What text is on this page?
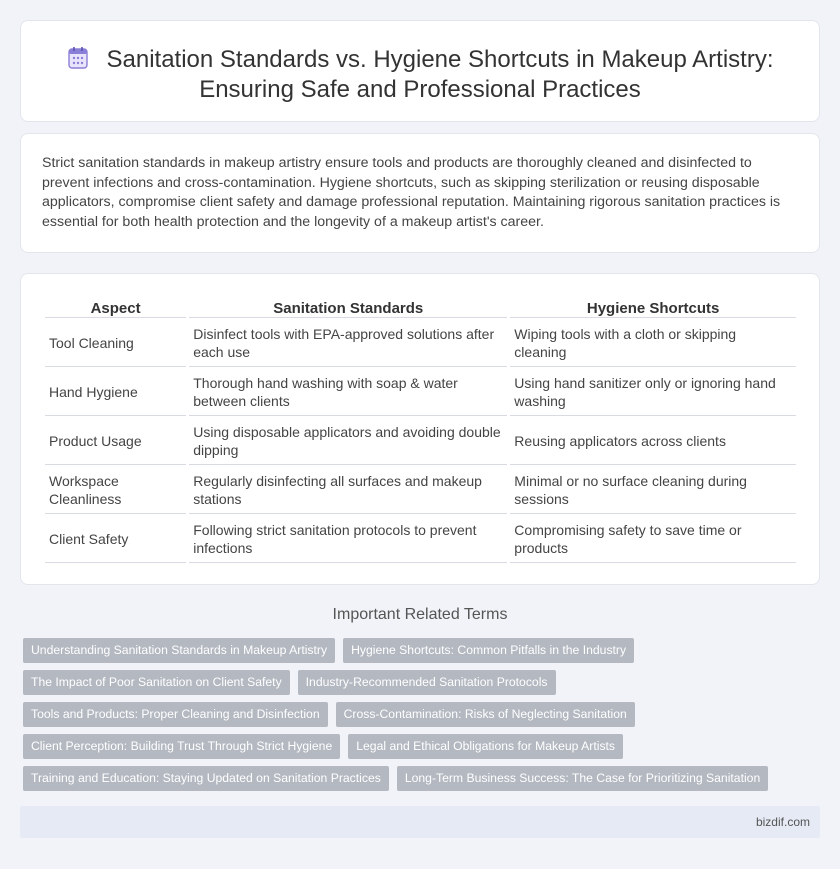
Sanitation Standards vs. Hygiene Shortcuts in Makeup Artistry:
Ensuring Safe and Professional Practices

Strict sanitation standards in makeup artistry ensure tools and products are thoroughly cleaned and disinfected to prevent infections and cross-contamination. Hygiene shortcuts, such as skipping sterilization or reusing disposable applicators, compromise client safety and damage professional reputation. Maintaining rigorous sanitation practices is essential for both health protection and the longevity of a makeup artist's career.

Aspect	Sanitation Standards	Hygiene Shortcuts
Tool Cleaning	Disinfect tools with EPA-approved solutions after each use	Wiping tools with a cloth or skipping cleaning
Hand Hygiene	Thorough hand washing with soap & water between clients	Using hand sanitizer only or ignoring hand washing
Product Usage	Using disposable applicators and avoiding double dipping	Reusing applicators across clients
Workspace Cleanliness	Regularly disinfecting all surfaces and makeup stations	Minimal or no surface cleaning during sessions
Client Safety	Following strict sanitation protocols to prevent infections	Compromising safety to save time or products
Important Related Terms
Understanding Sanitation Standards in Makeup Artistry Hygiene Shortcuts: Common Pitfalls in the Industry
The Impact of Poor Sanitation on Client Safety Industry-Recommended Sanitation Protocols
Tools and Products: Proper Cleaning and Disinfection Cross-Contamination: Risks of Neglecting Sanitation
Client Perception: Building Trust Through Strict Hygiene Legal and Ethical Obligations for Makeup Artists
Training and Education: Staying Updated on Sanitation Practices Long-Term Business Success: The Case for Prioritizing Sanitation
bizdif.com
